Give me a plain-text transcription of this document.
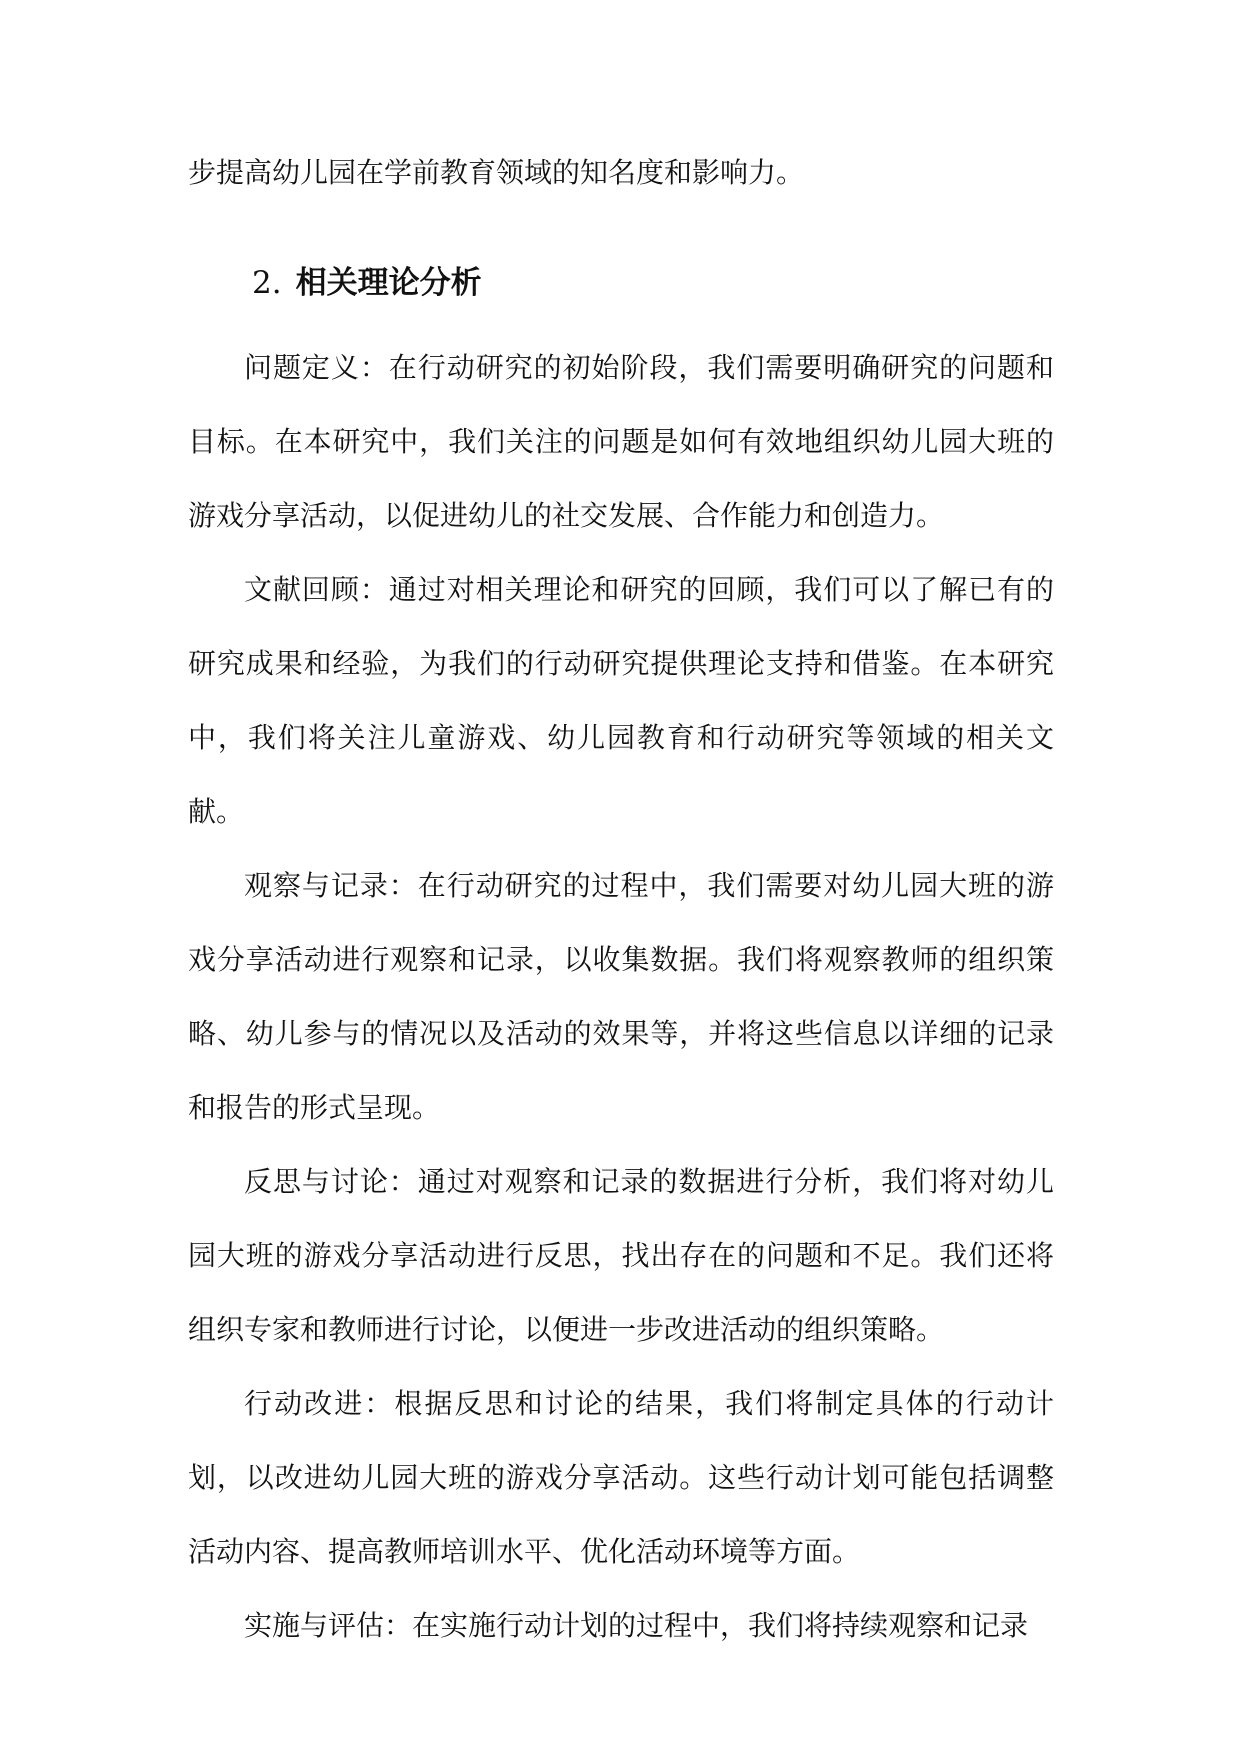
步提高幼儿园在学前教育领域的知名度和影响力。
2. 相关理论分析

问题定义：在行动研究的初始阶段，我们需要明确研究的问题和目标。在本研究中，我们关注的问题是如何有效地组织幼儿园大班的游戏分享活动，以促进幼儿的社交发展、合作能力和创造力。

文献回顾：通过对相关理论和研究的回顾，我们可以了解已有的研究成果和经验，为我们的行动研究提供理论支持和借鉴。在本研究中，我们将关注儿童游戏、幼儿园教育和行动研究等领域的相关文献。

观察与记录：在行动研究的过程中，我们需要对幼儿园大班的游戏分享活动进行观察和记录，以收集数据。我们将观察教师的组织策略、幼儿参与的情况以及活动的效果等，并将这些信息以详细的记录和报告的形式呈现。

反思与讨论：通过对观察和记录的数据进行分析，我们将对幼儿园大班的游戏分享活动进行反思，找出存在的问题和不足。我们还将组织专家和教师进行讨论，以便进一步改进活动的组织策略。

行动改进：根据反思和讨论的结果，我们将制定具体的行动计划，以改进幼儿园大班的游戏分享活动。这些行动计划可能包括调整活动内容、提高教师培训水平、优化活动环境等方面。

实施与评估：在实施行动计划的过程中，我们将持续观察和记录
